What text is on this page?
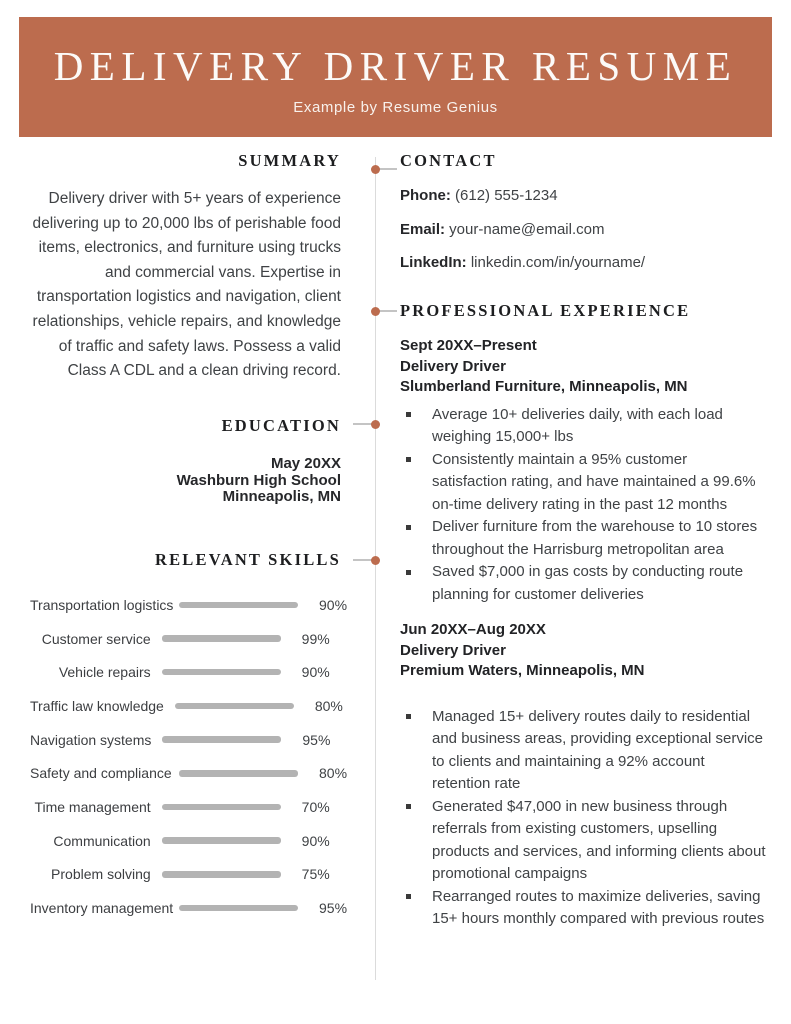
DELIVERY DRIVER RESUME
Example by Resume Genius
SUMMARY

Delivery driver with 5+ years of experience delivering up to 20,000 lbs of perishable food items, electronics, and furniture using trucks and commercial vans. Expertise in transportation logistics and navigation, client relationships, vehicle repairs, and knowledge of traffic and safety laws. Possess a valid Class A CDL and a clean driving record.

EDUCATION
May 20XX
Washburn High School
Minneapolis, MN
RELEVANT SKILLS
Transportation logistics	90%
Customer service	99%
Vehicle repairs	90%
Traffic law knowledge	80%
Navigation systems	95%
Safety and compliance	80%
Time management	70%
Communication	90%
Problem solving	75%
Inventory management	95%
CONTACT
Phone: (612) 555-1234
Email: your-name@email.com
LinkedIn: linkedin.com/in/yourname/
PROFESSIONAL EXPERIENCE
Sept 20XX–Present
Delivery Driver
Slumberland Furniture, Minneapolis, MN
Average 10+ deliveries daily, with each load weighing 15,000+ lbs
Consistently maintain a 95% customer satisfaction rating, and have maintained a 99.6% on-time delivery rating in the past 12 months
Deliver furniture from the warehouse to 10 stores throughout the Harrisburg metropolitan area
Saved $7,000 in gas costs by conducting route planning for customer deliveries
Jun 20XX–Aug 20XX
Delivery Driver
Premium Waters, Minneapolis, MN
Managed 15+ delivery routes daily to residential and business areas, providing exceptional service to clients and maintaining a 92% account retention rate
Generated $47,000 in new business through referrals from existing customers, upselling products and services, and informing clients about promotional campaigns
Rearranged routes to maximize deliveries, saving 15+ hours monthly compared with previous routes
